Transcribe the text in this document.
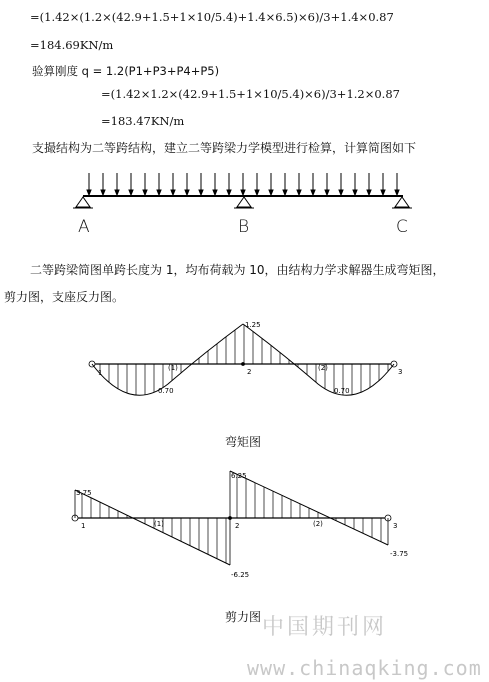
=(1.42×(1.2×(42.9+1.5+1×10/5.4)+1.4×6.5)×6)/3+1.4×0.87
=184.69KN/m
验算刚度 q = 1.2(P1+P3+P4+P5)
=(1.42×1.2×(42.9+1.5+1×10/5.4)×6)/3+1.2×0.87
=183.47KN/m
支撮结构为二等跨结构，建立二等跨梁力学模型进行检算，计算简图如下
A	B	C
二等跨梁简图单跨长度为 1，均布荷载为 10，由结构力学求解器生成弯矩图，
剪力图，支座反力图。
1	2	3
(1)	(2)
1.25
0.70	0.70
弯矩图
3.75
-6.25
6.25
-3.75
1	2	3
(1)	(2)
剪力图 中国期刊网
www.chinaqking.com
